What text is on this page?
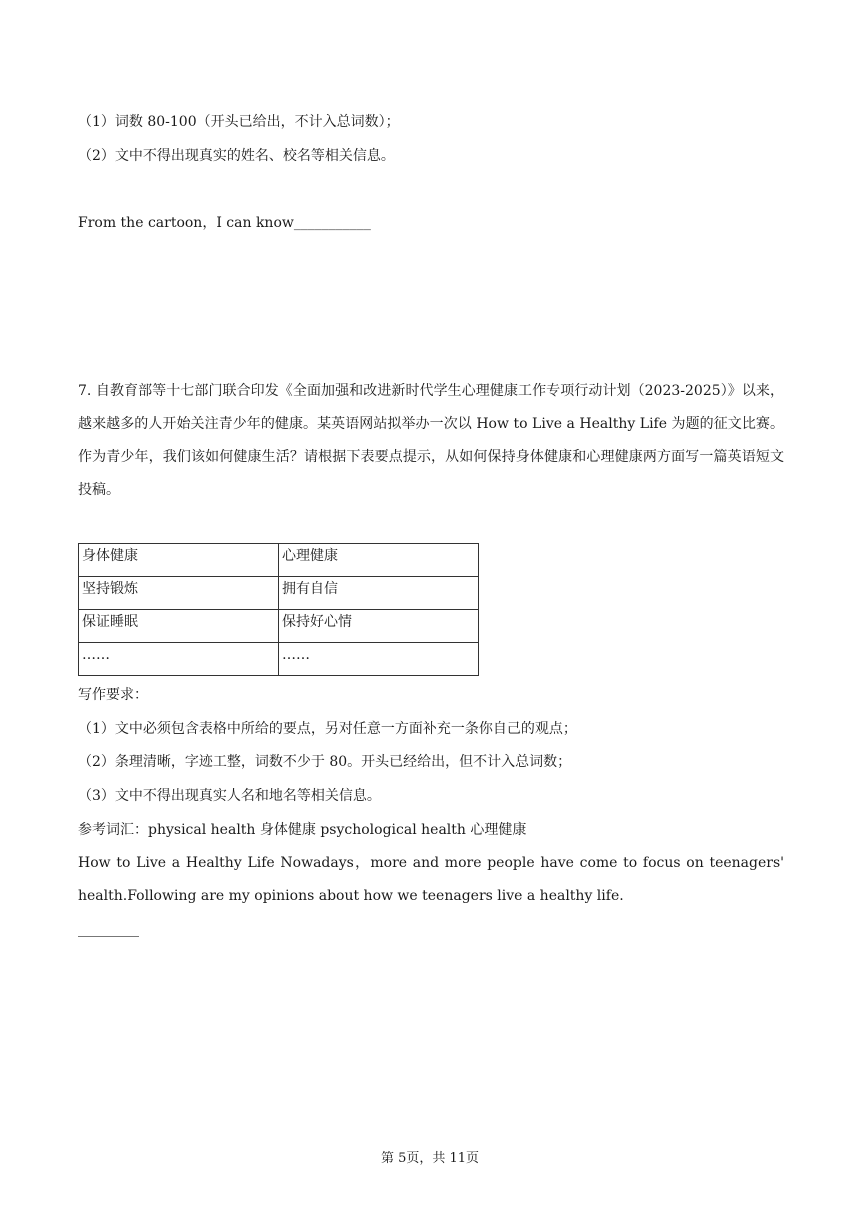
（1）词数 80-100（开头已给出，不计入总词数）；
（2）文中不得出现真实的姓名、校名等相关信息。
From the cartoon，I can know___________
7. 自教育部等十七部门联合印发《全面加强和改进新时代学生心理健康工作专项行动计划（2023-2025）》以来，越来越多的人开始关注青少年的健康。某英语网站拟举办一次以 How to Live a Healthy Life 为题的征文比赛。作为青少年，我们该如何健康生活？请根据下表要点提示，从如何保持身体健康和心理健康两方面写一篇英语短文投稿。
身体健康	心理健康
坚持锻炼	拥有自信
保证睡眠	保持好心情
……	……
写作要求：
（1）文中必须包含表格中所给的要点，另对任意一方面补充一条你自己的观点；
（2）条理清晰，字迹工整，词数不少于 80。开头已经给出，但不计入总词数；
（3）文中不得出现真实人名和地名等相关信息。
参考词汇：physical health 身体健康 psychological health 心理健康
How to Live a Healthy Life Nowadays，more and more people have come to focus on teenagers' health.Following are my opinions about how we teenagers live a healthy life.
第 5页，共 11页
